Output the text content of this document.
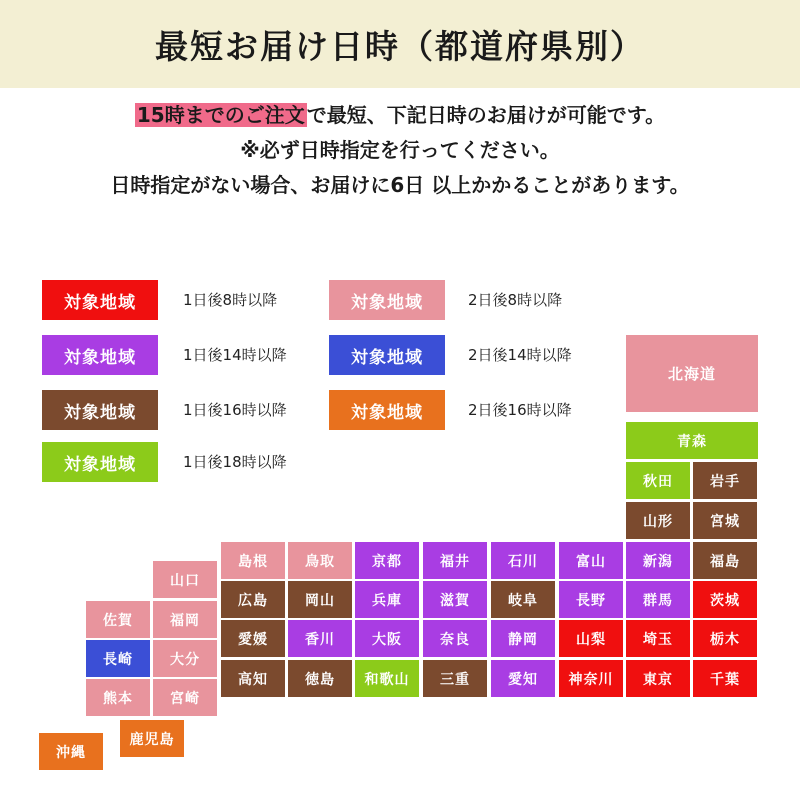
最短お届け日時（都道府県別）
15時までのご注文 で最短、下記日時のお届けが可能です。
※必ず日時指定を行ってください。
日時指定がない場合、お届けに6日 以上かかることがあります。
対象地域	1日後8時以降
対象地域	1日後14時以降
対象地域	1日後16時以降
対象地域	1日後18時以降
対象地域	2日後8時以降
対象地域	2日後14時以降
対象地域	2日後16時以降
北海道
青森
秋田	岩手
山形	宮城
新潟	福島
群馬	茨城
埼玉	栃木
東京	千葉
富山
長野
山梨
神奈川
石川
岐阜
静岡
愛知
福井
滋賀
奈良
三重
京都
兵庫
大阪
和歌山
鳥取
岡山
香川
徳島
島根
広島
愛媛
高知
山口
福岡
大分
宮崎
佐賀
長崎
熊本
鹿児島
沖縄
